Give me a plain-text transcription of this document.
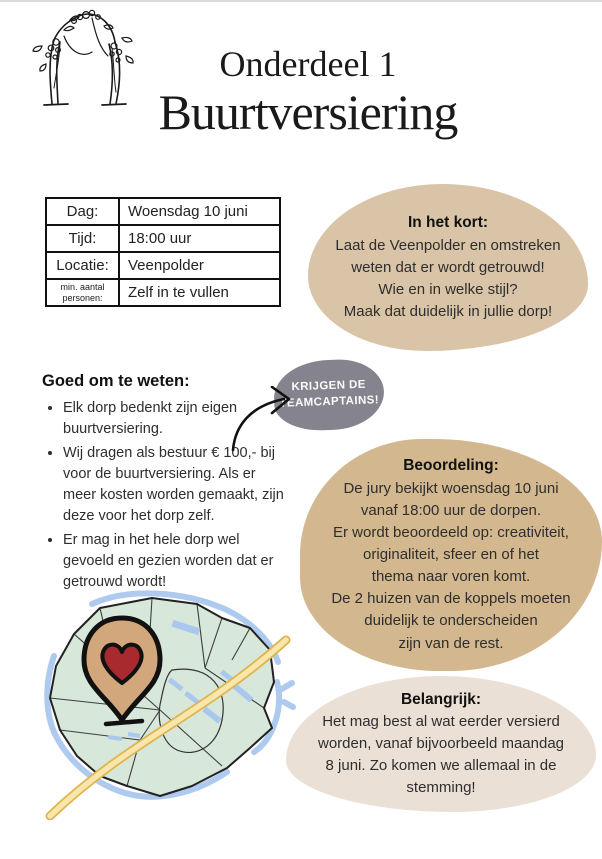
Onderdeel 1
Buurtversiering
Dag:	Woensdag 10 juni
Tijd:	18:00 uur
Locatie:	Veenpolder
min. aantal personen:	Zelf in te vullen
In het kort:
Laat de Veenpolder en omstreken
weten dat er wordt getrouwd!
Wie en in welke stijl?
Maak dat duidelijk in jullie dorp!
Goed om te weten:
• Elk dorp bedenkt zijn eigen
buurtversiering.
• Wij dragen als bestuur € 100,- bij
voor de buurtversiering. Als er
meer kosten worden gemaakt, zijn
deze voor het dorp zelf.
• Er mag in het hele dorp wel
gevoeld en gezien worden dat er
getrouwd wordt!
KRIJGEN DE
TEAMCAPTAINS!
Beoordeling:
De jury bekijkt woensdag 10 juni
vanaf 18:00 uur de dorpen.
Er wordt beoordeeld op: creativiteit,
originaliteit, sfeer en of het
thema naar voren komt.
De 2 huizen van de koppels moeten
duidelijk te onderscheiden
zijn van de rest.
Belangrijk:
Het mag best al wat eerder versierd
worden, vanaf bijvoorbeeld maandag
8 juni. Zo komen we allemaal in de
stemming!
